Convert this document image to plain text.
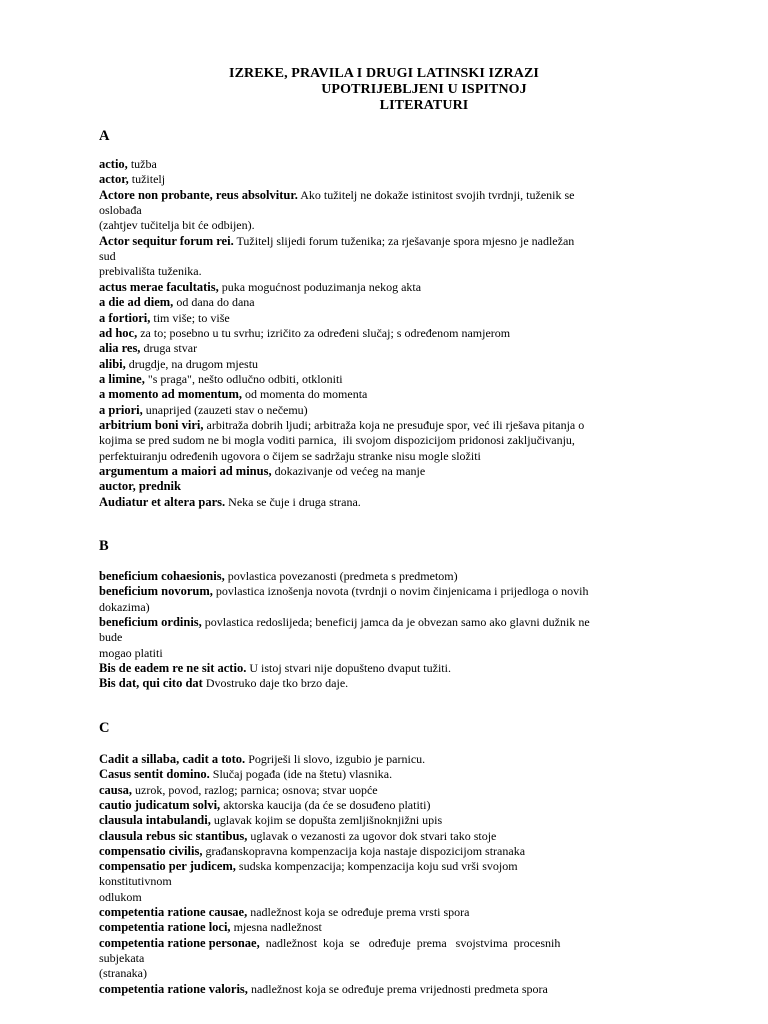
IZREKE, PRAVILA I DRUGI LATINSKI IZRAZI
UPOTRIJEBLJENI U ISPITNOJ
LITERATURI
A
actio, tužba
actor, tužitelj
Actore non probante, reus absolvitur. Ako tužitelj ne dokaže istinitost svojih tvrdnji, tuženik se
oslobađa
(zahtjev tučitelja bit će odbijen).
Actor sequitur forum rei. Tužitelj slijedi forum tuženika; za rješavanje spora mjesno je nadležan
sud
prebivališta tuženika.
actus merae facultatis, puka mogućnost poduzimanja nekog akta
a die ad diem, od dana do dana
a fortiori, tim više; to više
ad hoc, za to; posebno u tu svrhu; izričito za određeni slučaj; s određenom namjerom
alia res, druga stvar
alibi, drugdje, na drugom mjestu
a limine, "s praga", nešto odlučno odbiti, otkloniti
a momento ad momentum, od momenta do momenta
a priori, unaprijed (zauzeti stav o nečemu)
arbitrium boni viri, arbitraža dobrih ljudi; arbitraža koja ne presuđuje spor, već ili rješava pitanja o
kojima se pred sudom ne bi mogla voditi parnica,  ili svojom dispozicijom pridonosi zaključivanju,
perfektuiranju određenih ugovora o čijem se sadržaju stranke nisu mogle složiti
argumentum a maiori ad minus, dokazivanje od većeg na manje
auctor, prednik
Audiatur et altera pars. Neka se čuje i druga strana.
B
beneficium cohaesionis, povlastica povezanosti (predmeta s predmetom)
beneficium novorum, povlastica iznošenja novota (tvrdnji o novim činjenicama i prijedloga o novih
dokazima)
beneficium ordinis, povlastica redoslijeda; beneficij jamca da je obvezan samo ako glavni dužnik ne
bude
mogao platiti
Bis de eadem re ne sit actio. U istoj stvari nije dopušteno dvaput tužiti.
Bis dat, qui cito dat Dvostruko daje tko brzo daje.
C
Cadit a sillaba, cadit a toto. Pogriješi li slovo, izgubio je parnicu.
Casus sentit domino. Slučaj pogađa (ide na štetu) vlasnika.
causa, uzrok, povod, razlog; parnica; osnova; stvar uopće
cautio judicatum solvi, aktorska kaucija (da će se dosuđeno platiti)
clausula intabulandi, uglavak kojim se dopušta zemljišnoknjižni upis
clausula rebus sic stantibus, uglavak o vezanosti za ugovor dok stvari tako stoje
compensatio civilis, građanskopravna kompenzacija koja nastaje dispozicijom stranaka
compensatio per judicem, sudska kompenzacija; kompenzacija koju sud vrši svojom
konstitutivnom
odlukom
competentia ratione causae, nadležnost koja se određuje prema vrsti spora
competentia ratione loci, mjesna nadležnost
competentia ratione personae,  nadležnost  koja  se   određuje  prema   svojstvima  procesnih
subjekata
(stranaka)
competentia ratione valoris, nadležnost koja se određuje prema vrijednosti predmeta spora
